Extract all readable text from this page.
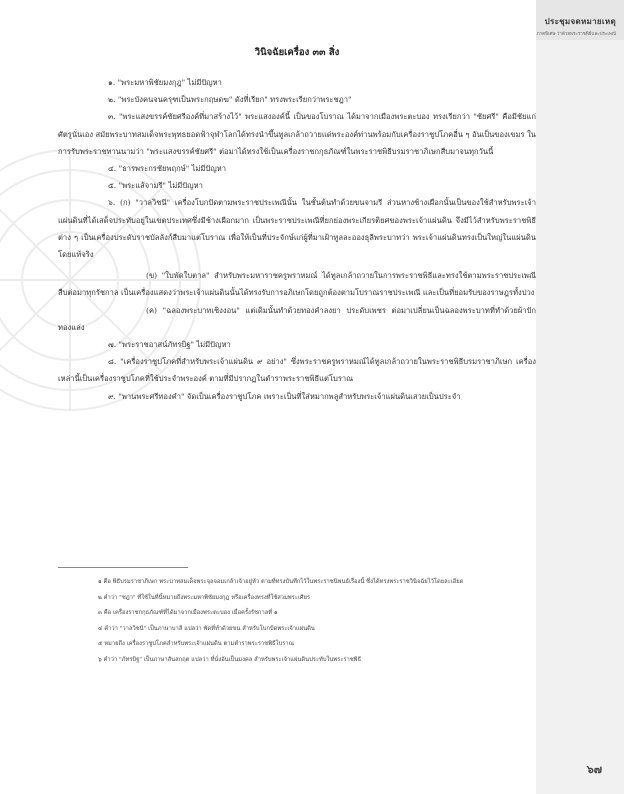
ประชุมจดหมายเหตุ
ภาคพิเศษ ว่าด้วยพระราชพิธีและประเพณี

วินิจฉัยเครื่อง ๓๓ สิ่ง

๑. "พระมหาพิชัยมงกุฎ" ไม่มีปัญหา

๒. "พระบังคนจนครุฑเป็นพระกฤษดฆ" ดังที่เรียก" ทรงพระเรียกว่าพระชฎา"

๓. "พระแสงขรรค์ชัยศรีองค์ที่มาสร้างไว้" พระแสงองค์นี้ เป็นของโบราณ ได้มาจากเมืองพระตะบอง ทรงเรียกว่า "ชัยศรี" คือมีชัยแก่ศัตรูนั่นเอง สมัยพระบาทสมเด็จพระพุทธยอดฟ้าจุฬาโลกได้ทรงนำขึ้นทูลเกล้าถวายแด่พระองค์ท่านพร้อมกับเครื่องราชูปโภคอื่น ๆ อันเป็นของเขมร ในการรับพระราชทานนามว่า "พระแสงขรรค์ชัยศรี" ต่อมาได้ทรงใช้เป็นเครื่องราชกกุธภัณฑ์ในพระราชพิธีบรมราชาภิเษกสืบมาจนทุกวันนี้

๔. "ธารพระกรชัยพฤกษ์" ไม่มีปัญหา

๕. "พระแส้จามรี" ไม่มีปัญหา

๖. (ก) "วาลวิชนี" เครื่องโบกปัดตามพระราชประเพณีนั้น ในชั้นต้นทำด้วยขนจามรี ส่วนหางช้างเผือกนั้นเป็นของใช้สำหรับพระเจ้าแผ่นดินที่ได้เสด็จประทับอยู่ในเขตประเทศซึ่งมีช้างเผือกมาก เป็นพระราชประเพณีที่ยกย่องพระเกียรติยศของพระเจ้าแผ่นดิน จึงมีไว้สำหรับพระราชพิธีต่าง ๆ เป็นเครื่องประดับราชบัลลังก์สืบมาแต่โบราณ เพื่อให้เป็นที่ประจักษ์แก่ผู้ที่มาเฝ้าทูลละอองธุลีพระบาทว่า พระเจ้าแผ่นดินทรงเป็นใหญ่ในแผ่นดินโดยแท้จริง

(ข) "ใบพัดใบตาล" สำหรับพระมหาราชครูพราหมณ์ ได้ทูลเกล้าถวายในการพระราชพิธีและทรงใช้ตามพระราชประเพณีสืบต่อมาทุกรัชกาล เป็นเครื่องแสดงว่าพระเจ้าแผ่นดินนั้นได้ทรงรับการอภิเษกโดยถูกต้องตามโบราณราชประเพณี และเป็นที่ยอมรับของราษฎรทั้งปวง

(ค) "ฉลองพระบาทเชิงงอน" แต่เดิมนั้นทำด้วยทองคำลงยา ประดับเพชร ต่อมาเปลี่ยนเป็นฉลองพระบาทที่ทำด้วยผ้าปักทองแล่ง

๗. "พระราชอาสน์ภัทรบิฐ" ไม่มีปัญหา

๘. "เครื่องราชูปโภคที่สำหรับพระเจ้าแผ่นดิน ๙ อย่าง" ซึ่งพระราชครูพราหมณ์ได้ทูลเกล้าถวายในพระราชพิธีบรมราชาภิเษก เครื่องเหล่านี้เป็นเครื่องราชูปโภคที่ใช้ประจำพระองค์ ตามที่มีปรากฏในตำราพระราชพิธีแต่โบราณ

๙. "พานพระศรีทองคำ" จัดเป็นเครื่องราชูปโภค เพราะเป็นที่ใส่หมากพลูสำหรับพระเจ้าแผ่นดินเสวยเป็นประจำ

๑ คือ พิธีบรมราชาภิเษก พระบาทสมเด็จพระจุลจอมเกล้าเจ้าอยู่หัว ตามที่ทรงบันทึกไว้ในพระราชนิพนธ์เรื่องนี้ ซึ่งได้ทรงพระราชวินิจฉัยไว้โดยละเอียด

๒ คำว่า "ชฎา" ที่ใช้ในที่นี้หมายถึงพระมหาพิชัยมงกุฎ หรือเครื่องทรงที่ใช้สวมพระเศียร

๓ คือ เครื่องราชกกุธภัณฑ์ที่ได้มาจากเมืองพระตะบอง เมื่อครั้งรัชกาลที่ ๑

๔ คำว่า "วาลวิชนี" เป็นภาษาบาลี แปลว่า พัดที่ทำด้วยขน สำหรับโบกปัดพระเจ้าแผ่นดิน

๕ หมายถึง เครื่องราชูปโภคสำหรับพระเจ้าแผ่นดิน ตามตำราพระราชพิธีโบราณ

๖ คำว่า "ภัทรบิฐ" เป็นภาษาสันสกฤต แปลว่า ที่นั่งอันเป็นมงคล สำหรับพระเจ้าแผ่นดินประทับในพระราชพิธี

๖๗
